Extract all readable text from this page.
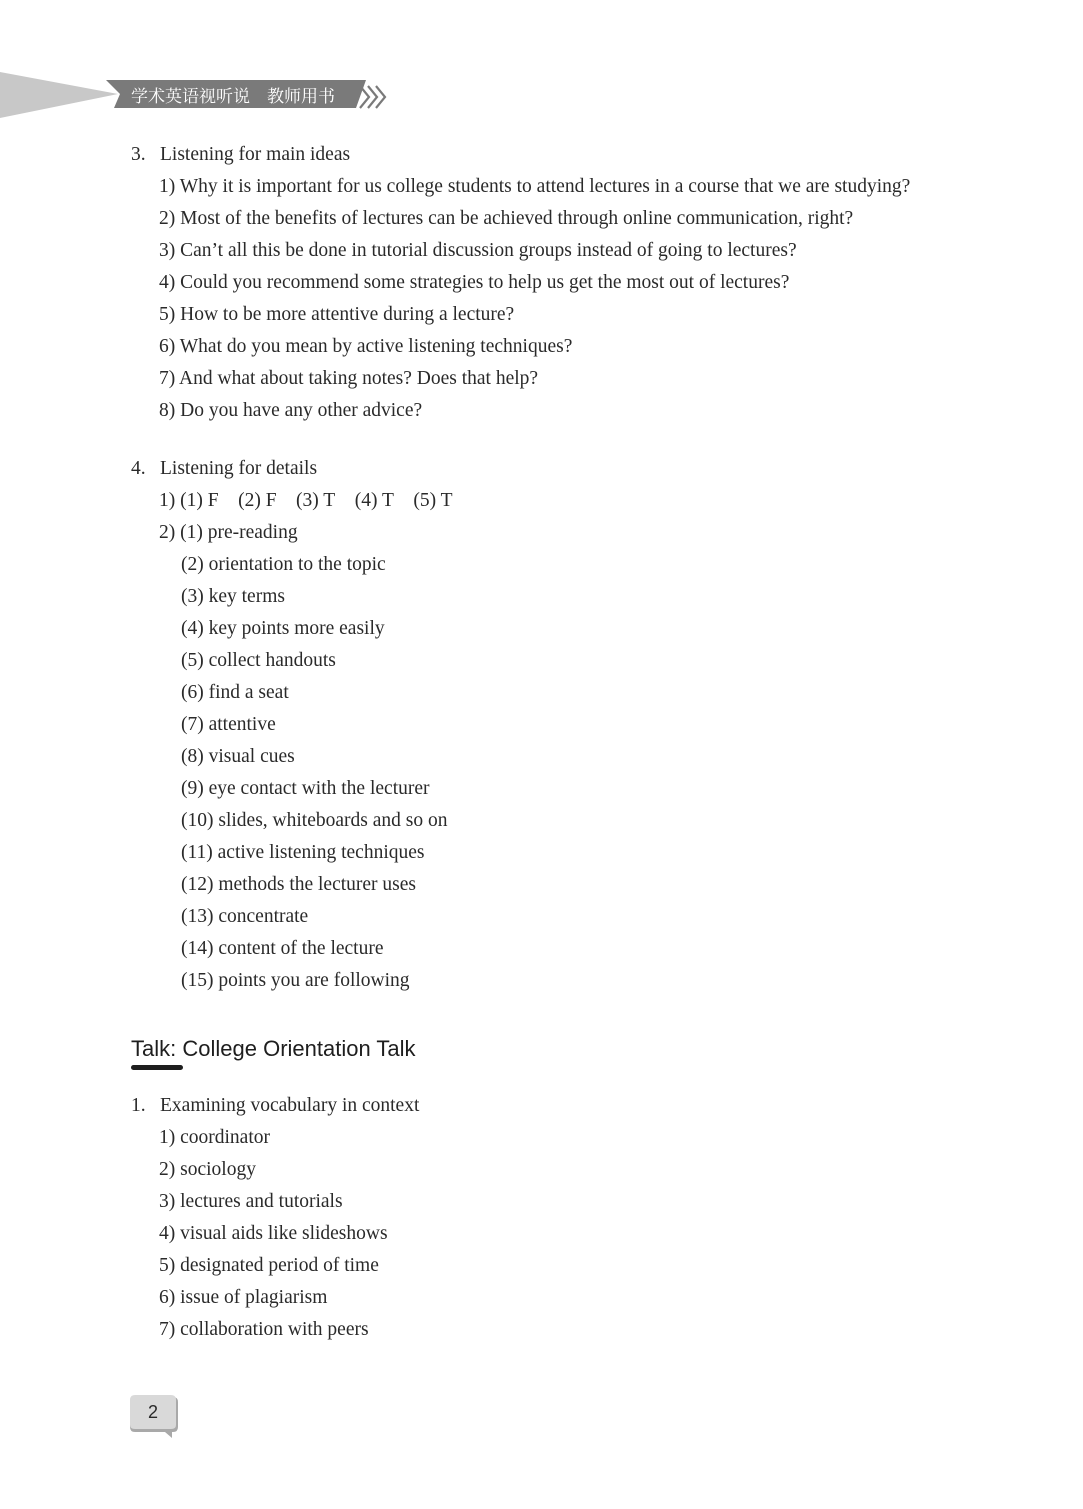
学术英语视听说　教师用书
3. Listening for main ideas
1) Why it is important for us college students to attend lectures in a course that we are studying?
2) Most of the benefits of lectures can be achieved through online communication, right?
3) Can’t all this be done in tutorial discussion groups instead of going to lectures?
4) Could you recommend some strategies to help us get the most out of lectures?
5) How to be more attentive during a lecture?
6) What do you mean by active listening techniques?
7) And what about taking notes? Does that help?
8) Do you have any other advice?
4. Listening for details
1) (1) F    (2) F    (3) T    (4) T    (5) T
2) (1) pre-reading
(2) orientation to the topic
(3) key terms
(4) key points more easily
(5) collect handouts
(6) find a seat
(7) attentive
(8) visual cues
(9) eye contact with the lecturer
(10) slides, whiteboards and so on
(11) active listening techniques
(12) methods the lecturer uses
(13) concentrate
(14) content of the lecture
(15) points you are following
Talk: College Orientation Talk
1. Examining vocabulary in context
1) coordinator
2) sociology
3) lectures and tutorials
4) visual aids like slideshows
5) designated period of time
6) issue of plagiarism
7) collaboration with peers
2
